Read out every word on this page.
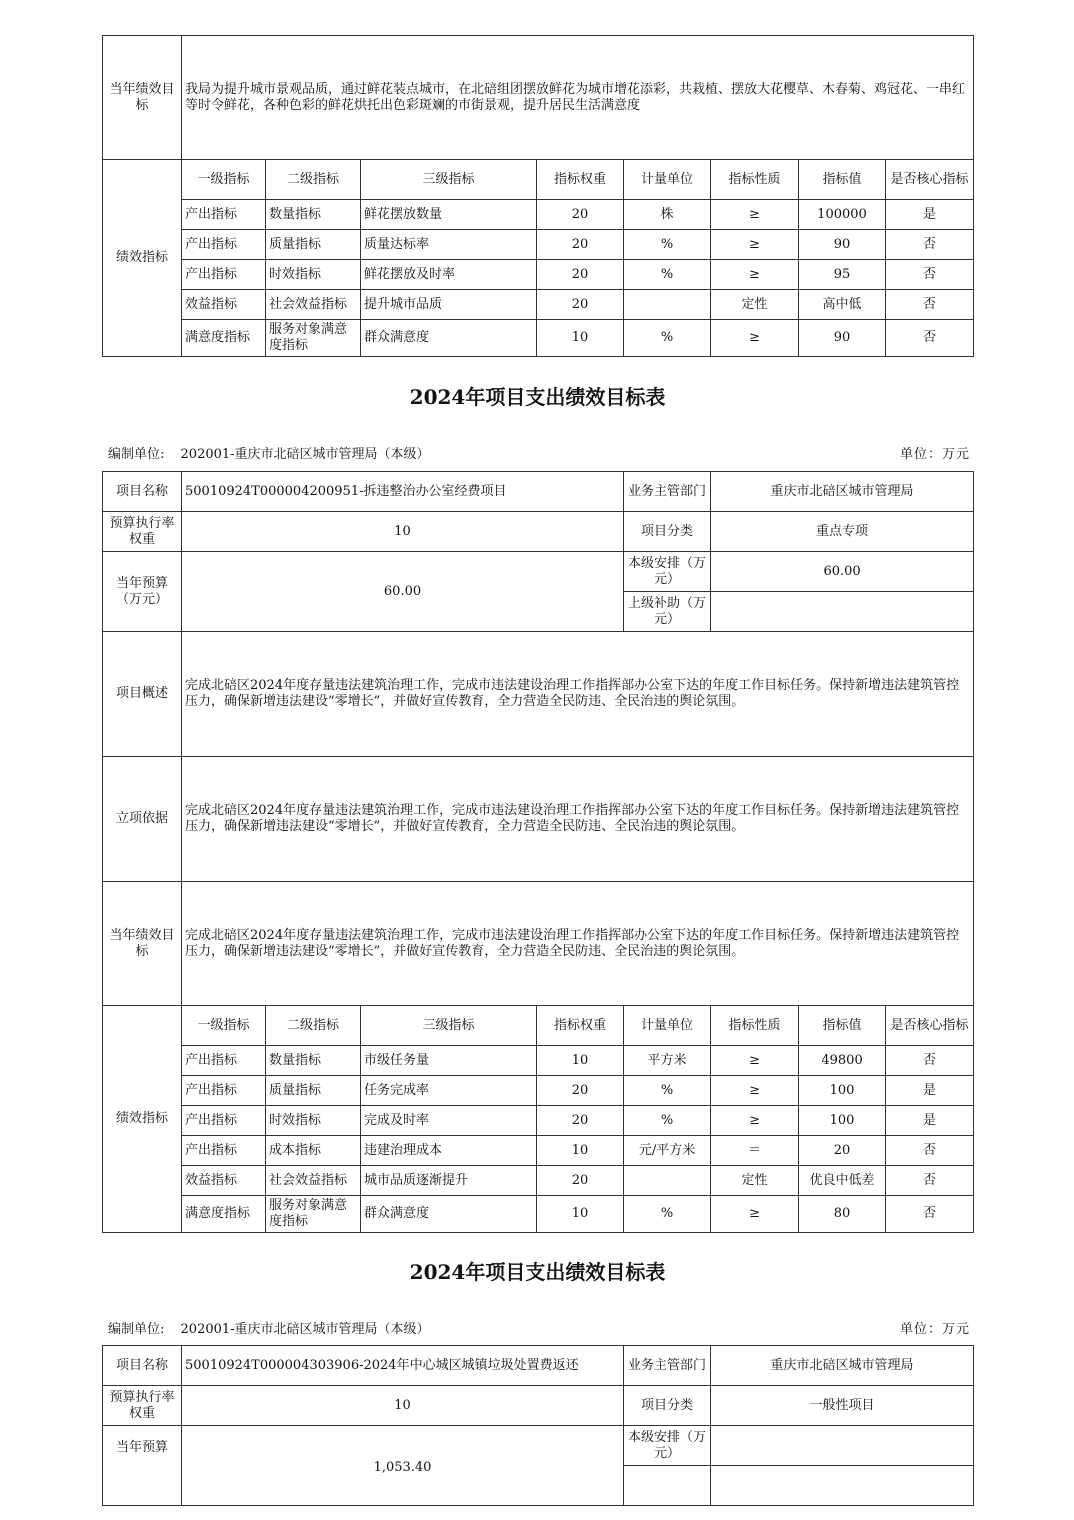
当年绩效目标	我局为提升城市景观品质，通过鲜花装点城市，在北碚组团摆放鲜花为城市增花添彩，共栽植、摆放大花樱草、木春菊、鸡冠花、一串红等时令鲜花，各种色彩的鲜花烘托出色彩斑斓的市街景观，提升居民生活满意度							
绩效指标	一级指标	二级指标	三级指标	指标权重	计量单位	指标性质	指标值	是否核心指标
	产出指标	数量指标	鲜花摆放数量	20	株	≥	100000	是
	产出指标	质量指标	质量达标率	20	%	≥	90	否
	产出指标	时效指标	鲜花摆放及时率	20	%	≥	95	否
	效益指标	社会效益指标	提升城市品质	20		定性	高中低	否
	满意度指标	服务对象满意度指标	群众满意度	10	%	≥	90	否
2024年项目支出绩效目标表
编制单位: 202001-重庆市北碚区城市管理局（本级）	单位：万元
项目名称	50010924T000004200951-拆违整治办公室经费项目				业务主管部门	重庆市北碚区城市管理局		
预算执行率权重	10				项目分类	重点专项		
当年预算（万元）	60.00				本级安排（万元）	60.00		
					上级补助（万元）			
项目概述	完成北碚区2024年度存量违法建筑治理工作，完成市违法建设治理工作指挥部办公室下达的年度工作目标任务。保持新增违法建筑管控压力，确保新增违法建设“零增长”，并做好宣传教育，全力营造全民防违、全民治违的舆论氛围。							
立项依据	完成北碚区2024年度存量违法建筑治理工作，完成市违法建设治理工作指挥部办公室下达的年度工作目标任务。保持新增违法建筑管控压力，确保新增违法建设“零增长”，并做好宣传教育，全力营造全民防违、全民治违的舆论氛围。							
当年绩效目标	完成北碚区2024年度存量违法建筑治理工作，完成市违法建设治理工作指挥部办公室下达的年度工作目标任务。保持新增违法建筑管控压力，确保新增违法建设“零增长”，并做好宣传教育，全力营造全民防违、全民治违的舆论氛围。							
绩效指标	一级指标	二级指标	三级指标	指标权重	计量单位	指标性质	指标值	是否核心指标
	产出指标	数量指标	市级任务量	10	平方米	≥	49800	否
	产出指标	质量指标	任务完成率	20	%	≥	100	是
	产出指标	时效指标	完成及时率	20	%	≥	100	是
	产出指标	成本指标	违建治理成本	10	元/平方米	＝	20	否
	效益指标	社会效益指标	城市品质逐渐提升	20		定性	优良中低差	否
	满意度指标	服务对象满意度指标	群众满意度	10	%	≥	80	否
2024年项目支出绩效目标表
编制单位: 202001-重庆市北碚区城市管理局（本级）	单位：万元
项目名称	50010924T000004303906-2024年中心城区城镇垃圾处置费返还	业务主管部门	重庆市北碚区城市管理局
预算执行率权重	10	项目分类	一般性项目
当年预算	1,053.40	本级安排（万元）	
